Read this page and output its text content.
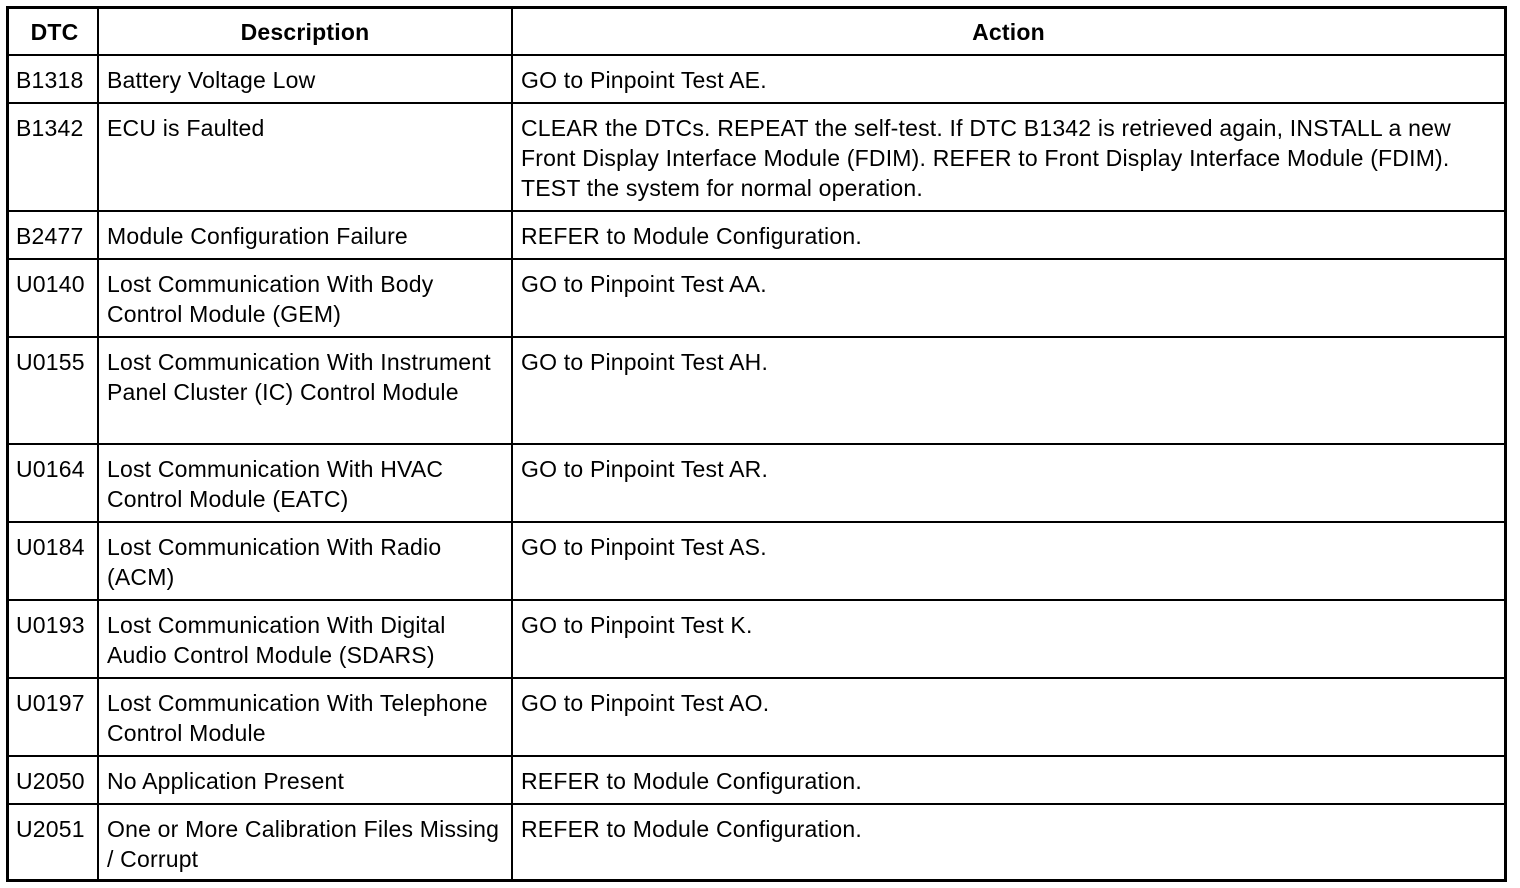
DTC	Description	Action
B1318	Battery Voltage Low	GO to Pinpoint Test AE.
B1342	ECU is Faulted	CLEAR the DTCs. REPEAT the self-test. If DTC B1342 is retrieved again, INSTALL a new Front Display Interface Module (FDIM). REFER to Front Display Interface Module (FDIM). TEST the system for normal operation.
B2477	Module Configuration Failure	REFER to Module Configuration.
U0140	Lost Communication With Body Control Module (GEM)	GO to Pinpoint Test AA.
U0155	Lost Communication With Instrument Panel Cluster (IC) Control Module	GO to Pinpoint Test AH.
U0164	Lost Communication With HVAC Control Module (EATC)	GO to Pinpoint Test AR.
U0184	Lost Communication With Radio (ACM)	GO to Pinpoint Test AS.
U0193	Lost Communication With Digital Audio Control Module (SDARS)	GO to Pinpoint Test K.
U0197	Lost Communication With Telephone Control Module	GO to Pinpoint Test AO.
U2050	No Application Present	REFER to Module Configuration.
U2051	One or More Calibration Files Missing / Corrupt	REFER to Module Configuration.
